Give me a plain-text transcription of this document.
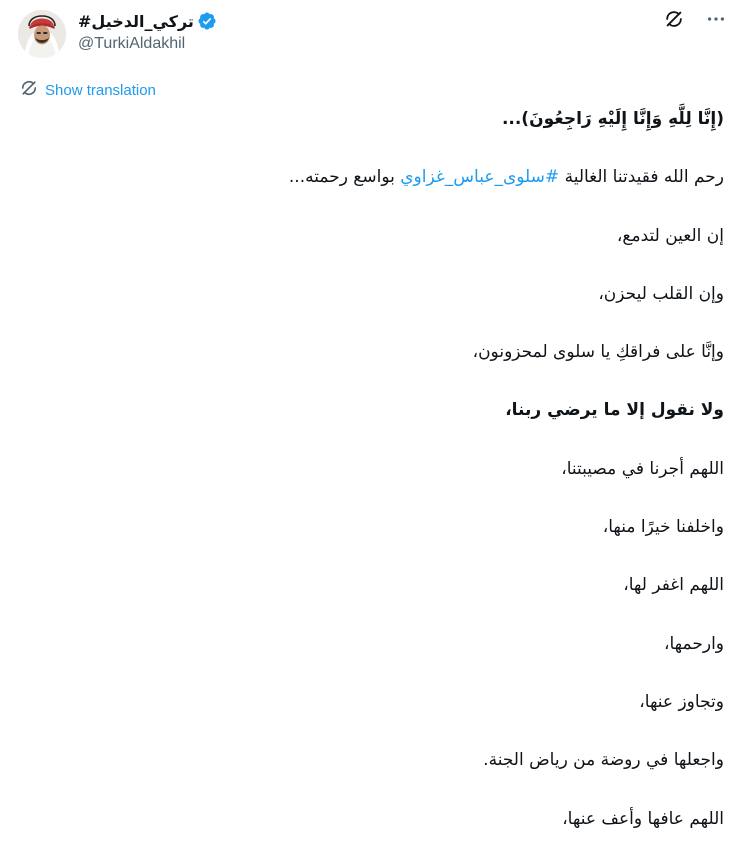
تركي_الدخيل#
@TurkiAldakhil
Show translation
(إِنَّا لِلَّهِ وَإِنَّا إِلَيْهِ رَاجِعُونَ)...
رحم الله فقيدتنا الغالية #سلوى_عباس_غزاوي بواسع رحمته...
إن العين لتدمع،
وإن القلب ليحزن،
وإنَّا على فراقكِ يا سلوى لمحزونون،
ولا نقول إلا ما يرضي ربنا،
اللهم أجرنا في مصيبتنا،
واخلفنا خيرًا منها،
اللهم اغفر لها،
وارحمها،
وتجاوز عنها،
واجعلها في روضة من رياض الجنة.
اللهم عافها وأعف عنها،
